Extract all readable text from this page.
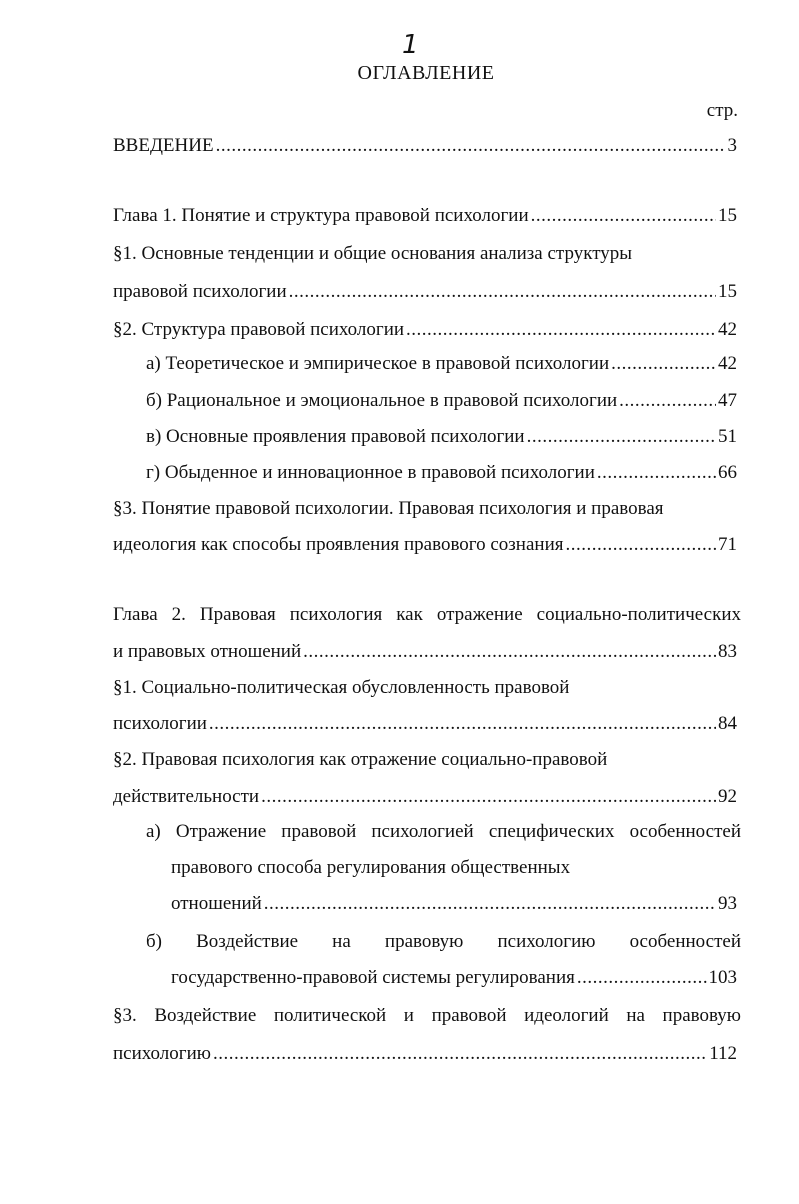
1
ОГЛАВЛЕНИЕ
стр.
ВВЕДЕНИЕ .....	3
Глава 1. Понятие и структура правовой психологии .....	15
§1. Основные тенденции и общие основания анализа структуры
правовой психологии .....	15
§2. Структура правовой психологии .....	42
а) Теоретическое и эмпирическое в правовой психологии .....	42
б) Рациональное и эмоциональное в правовой психологии .....	47
в) Основные проявления правовой психологии .....	51
г) Обыденное и инновационное в правовой психологии .....	66
§3. Понятие правовой психологии. Правовая психология и правовая
идеология как способы проявления правового сознания .....	71
Глава 2. Правовая психология как отражение социально-политических
и правовых отношений .....	83
§1. Социально-политическая обусловленность правовой
психологии .....	84
§2. Правовая психология как отражение социально-правовой
действительности .....	92
а) Отражение правовой психологией специфических особенностей
правового способа регулирования общественных
отношений .....	93
б) Воздействие на правовую психологию особенностей
государственно-правовой системы регулирования .....	103
§3. Воздействие политической и правовой идеологий на правовую
психологию .....	112
